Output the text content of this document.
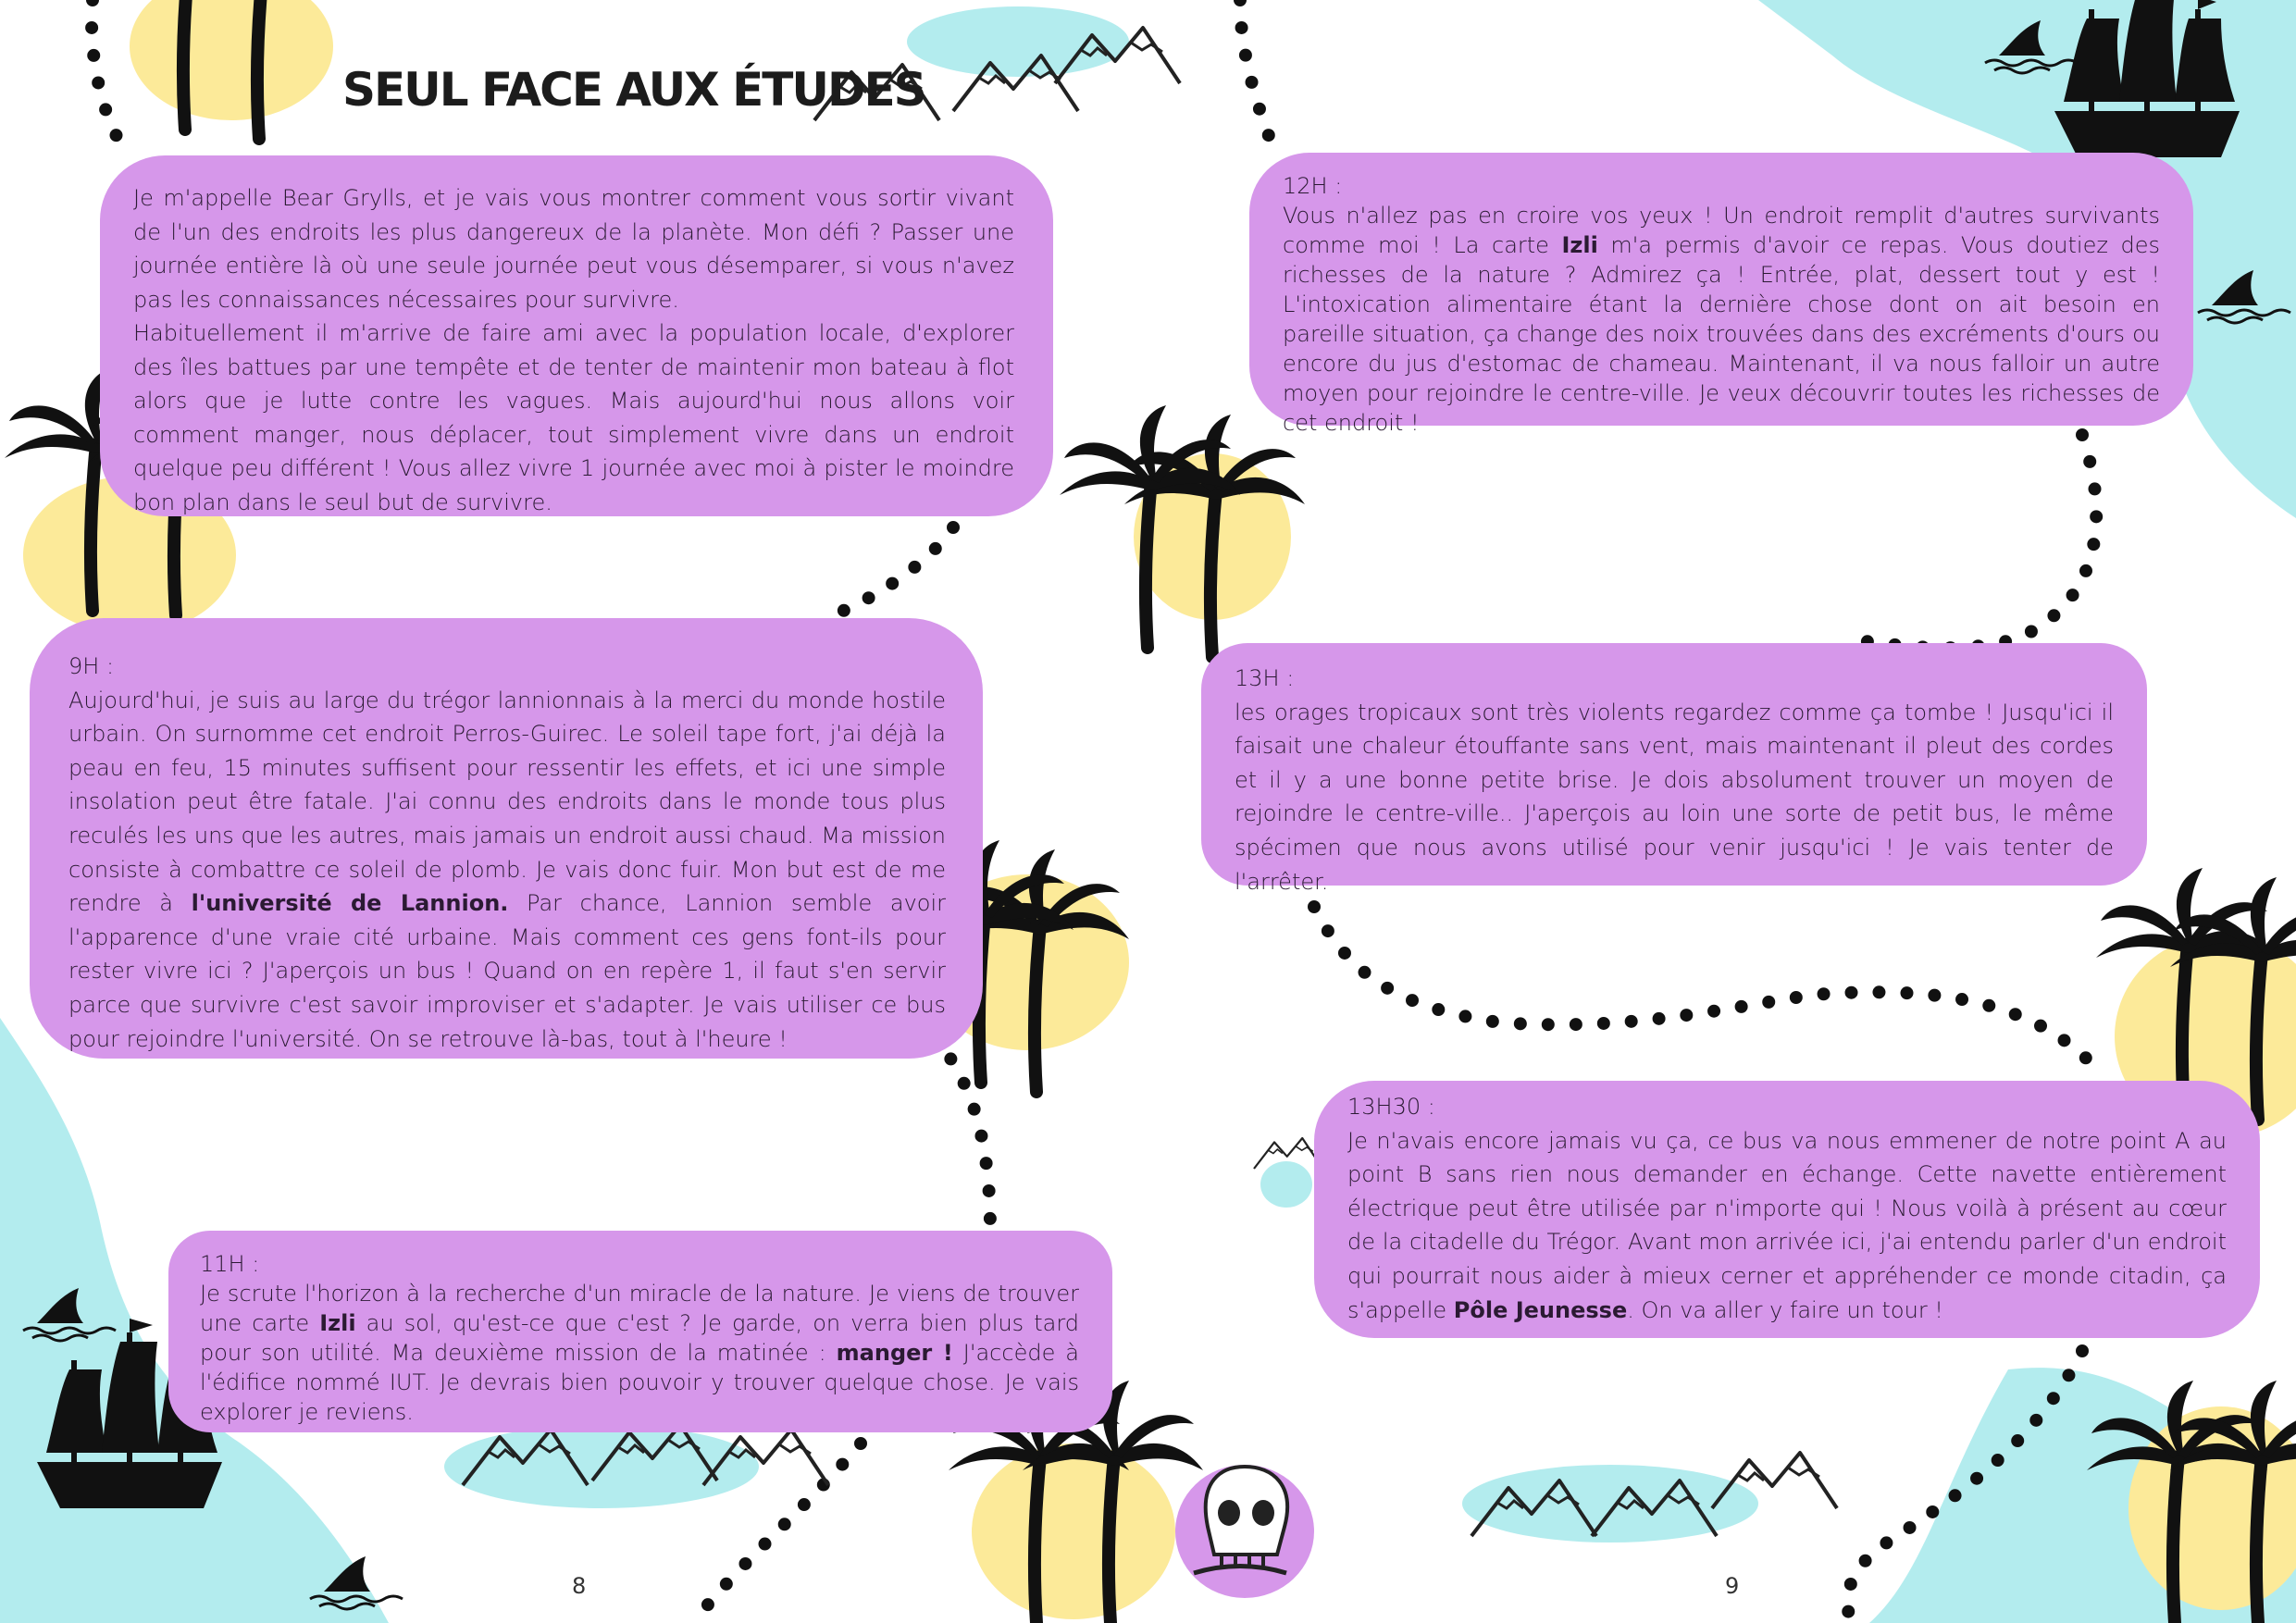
SEUL FACE AUX ÉTUDES

Je m'appelle Bear Grylls, et je vais vous montrer comment vous sortir vivant de l'un des endroits les plus dangereux de la planète. Mon défi ? Passer une journée entière là où une seule journée peut vous désemparer, si vous n'avez pas les connaissances nécessaires pour survivre.

Habituellement il m'arrive de faire ami avec la population locale, d'explorer des îles battues par une tempête et de tenter de maintenir mon bateau à flot alors que je lutte contre les vagues. Mais aujourd'hui nous allons voir comment manger, nous déplacer, tout simplement vivre dans un endroit quelque peu différent ! Vous allez vivre 1 journée avec moi à pister le moindre bon plan dans le seul but de survivre.

9H :

Aujourd'hui, je suis au large du trégor lannionnais à la merci du monde hostile urbain. On surnomme cet endroit Perros-Guirec. Le soleil tape fort, j'ai déjà la peau en feu, 15 minutes suffisent pour ressentir les effets, et ici une simple insolation peut être fatale. J'ai connu des endroits dans le monde tous plus reculés les uns que les autres, mais jamais un endroit aussi chaud. Ma mission consiste à combattre ce soleil de plomb. Je vais donc fuir. Mon but est de me rendre à l'université de Lannion. Par chance, Lannion semble avoir l'apparence d'une vraie cité urbaine. Mais comment ces gens font-ils pour rester vivre ici ? J'aperçois un bus ! Quand on en repère 1, il faut s'en servir parce que survivre c'est savoir improviser et s'adapter. Je vais utiliser ce bus pour rejoindre l'université. On se retrouve là-bas, tout à l'heure !

11H :

Je scrute l'horizon à la recherche d'un miracle de la nature. Je viens de trouver une carte Izli au sol, qu'est-ce que c'est ? Je garde, on verra bien plus tard pour son utilité. Ma deuxième mission de la matinée : manger ! J'accède à l'édifice nommé IUT. Je devrais bien pouvoir y trouver quelque chose. Je vais explorer je reviens.

12H :

Vous n'allez pas en croire vos yeux ! Un endroit remplit d'autres survivants comme moi ! La carte Izli m'a permis d'avoir ce repas. Vous doutiez des richesses de la nature ? Admirez ça ! Entrée, plat, dessert tout y est ! L'intoxication alimentaire étant la dernière chose dont on ait besoin en pareille situation, ça change des noix trouvées dans des excréments d'ours ou encore du jus d'estomac de chameau. Maintenant, il va nous falloir un autre moyen pour rejoindre le centre-ville. Je veux découvrir toutes les richesses de cet endroit !

13H :

les orages tropicaux sont très violents regardez comme ça tombe ! Jusqu'ici il faisait une chaleur étouffante sans vent, mais maintenant il pleut des cordes et il y a une bonne petite brise. Je dois absolument trouver un moyen de rejoindre le centre-ville.. J'aperçois au loin une sorte de petit bus, le même spécimen que nous avons utilisé pour venir jusqu'ici ! Je vais tenter de l'arrêter.

13H30 :

Je n'avais encore jamais vu ça, ce bus va nous emmener de notre point A au point B sans rien nous demander en échange. Cette navette entièrement électrique peut être utilisée par n'importe qui ! Nous voilà à présent au cœur de la citadelle du Trégor. Avant mon arrivée ici, j'ai entendu parler d'un endroit qui pourrait nous aider à mieux cerner et appréhender ce monde citadin, ça s'appelle Pôle Jeunesse. On va aller y faire un tour !

8	9
